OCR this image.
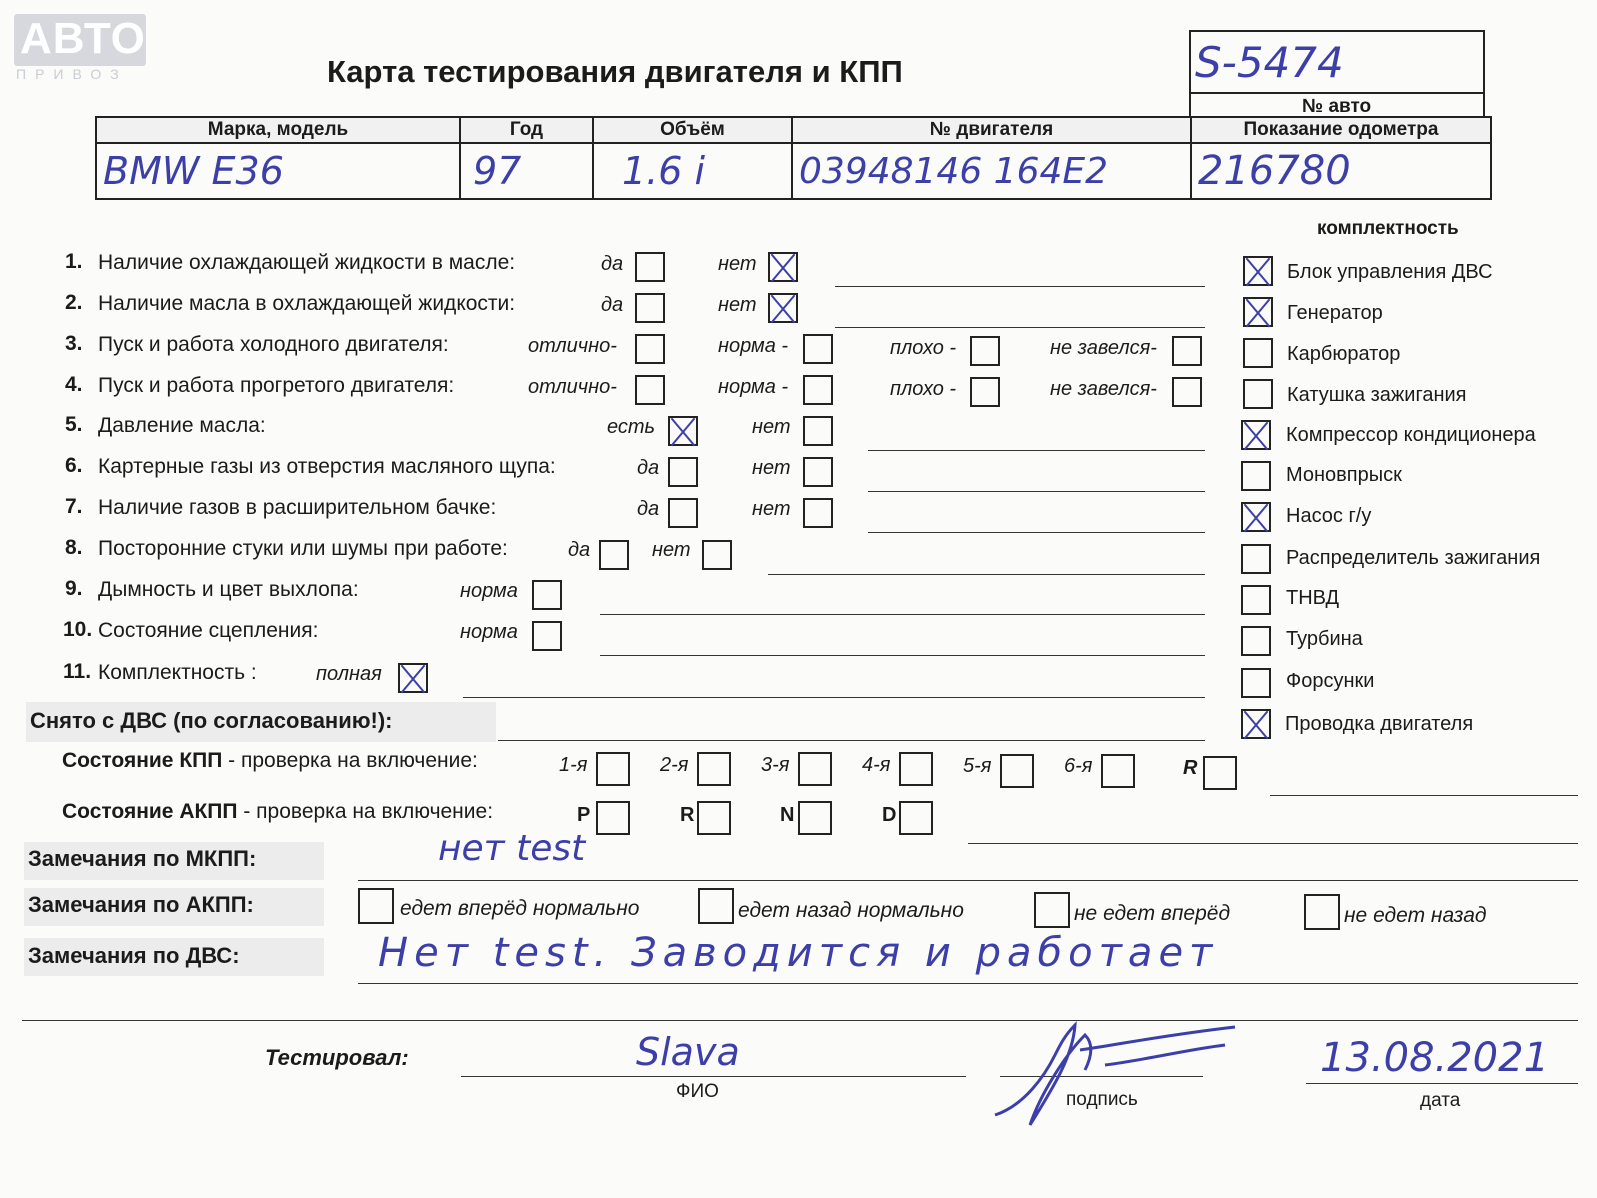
АВТО
ПРИВОЗ	Карта тестирования двигателя и КПП	S-5474
№ авто
Марка, модель	Год	Объём	№ двигателя	Показание одометра
ВМW Е36	97	1.6 i	03948146 164E2	216780
комплектность
1. Наличие охлаждающей жидкости в масле:	да	нет
2. Наличие масла в охлаждающей жидкости:	да	нет
3. Пуск и работа холодного двигателя:	отлично-	норма -	плохо -	не завелся-
4. Пуск и работа прогретого двигателя:	отлично-	норма -	плохо -	не завелся-
5. Давление масла:	есть	нет
6. Картерные газы из отверстия масляного щупа:	да	нет
7. Наличие газов в расширительном бачке:	да	нет
8. Посторонние стуки или шумы при работе:	да	нет
9. Дымность и цвет выхлопа:	норма
10. Состояние сцепления:	норма
11. Комплектность :	полная
Снято с ДВС (по согласованию!):
Блок управления ДВС
Генератор
Карбюратор
Катушка зажигания
Компрессор кондиционера
Моновпрыск
Насос г/у
Распределитель зажигания
ТНВД
Турбина
Форсунки
Проводка двигателя
Состояние КПП - проверка на включение:	1-я	2-я	3-я	4-я	5-я	6-я	R
Состояние АКПП - проверка на включение:	P	R	N	D
Замечания по МКПП:	нет test
Замечания по АКПП:	едет вперёд нормально	едет назад нормально	не едет вперёд	не едет назад
Замечания по ДВС:	Нет test. Заводится и работает
Тестировал:	Slava
ФИО	подпись
13.08.2021
дата
